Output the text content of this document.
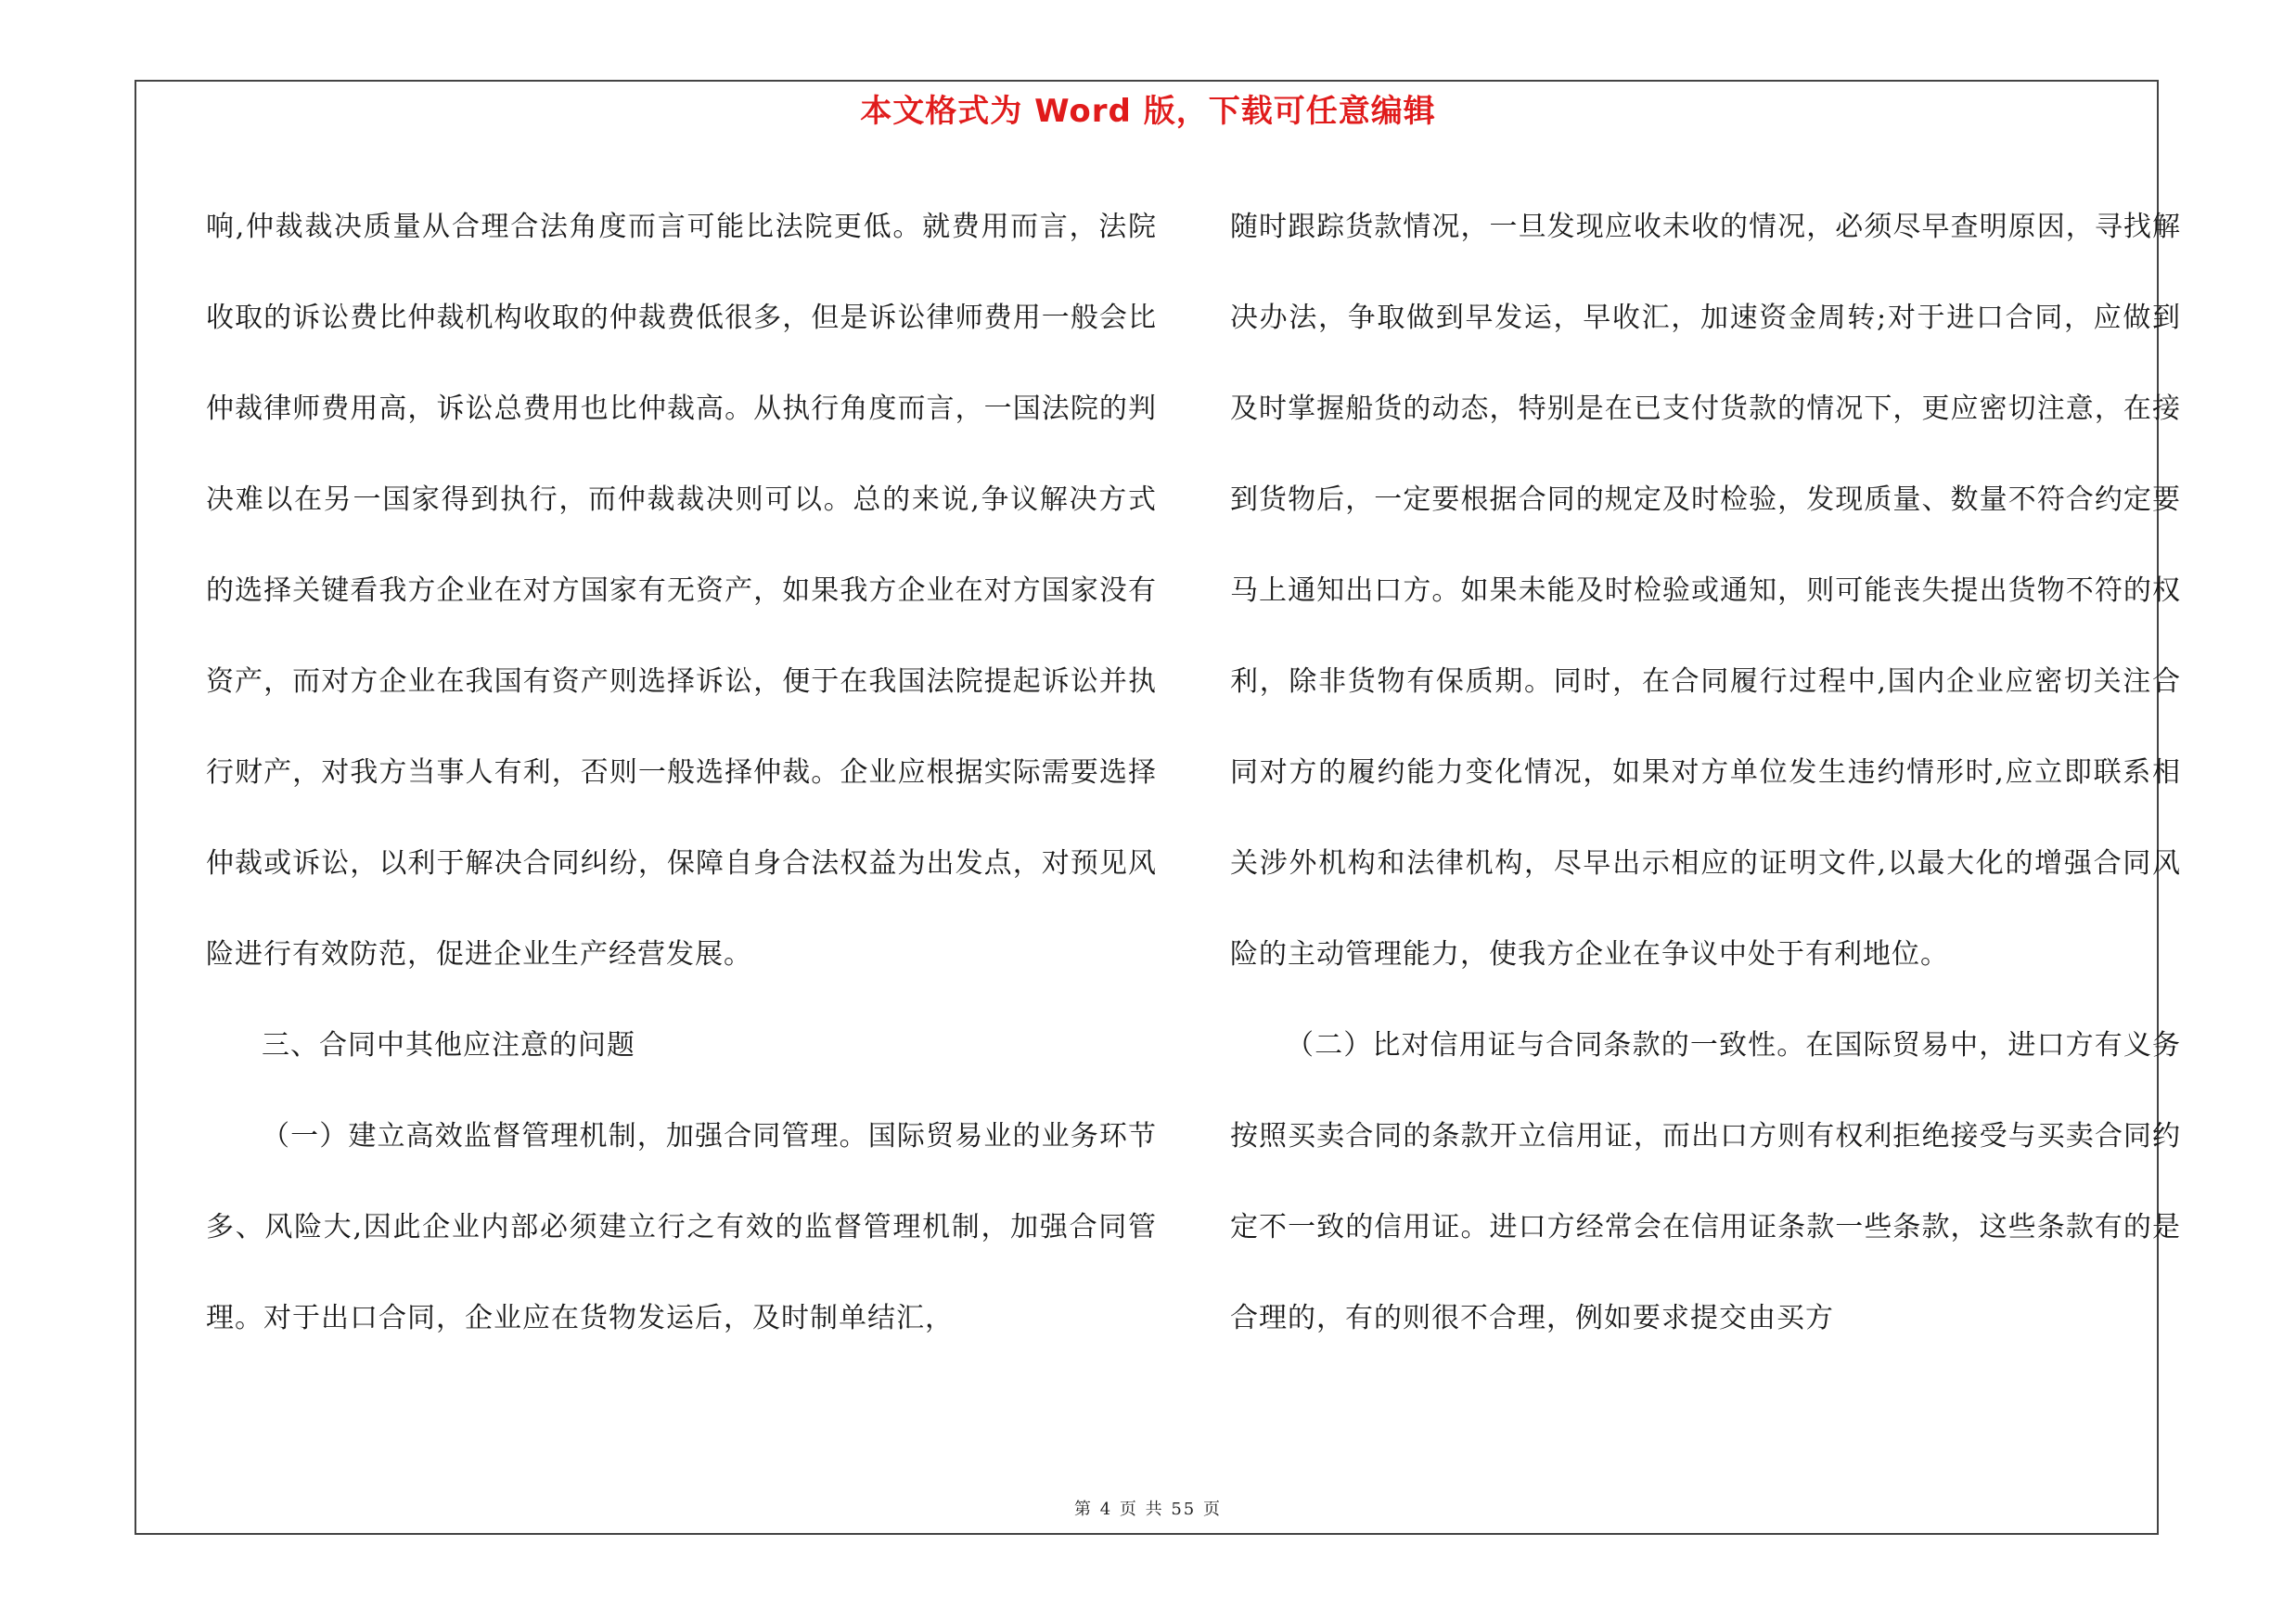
本文格式为 Word 版，下载可任意编辑

响,仲裁裁决质量从合理合法角度而言可能比法院更低。就费用而言，法院收取的诉讼费比仲裁机构收取的仲裁费低很多，但是诉讼律师费用一般会比仲裁律师费用高，诉讼总费用也比仲裁高。从执行角度而言，一国法院的判决难以在另一国家得到执行，而仲裁裁决则可以。总的来说,争议解决方式的选择关键看我方企业在对方国家有无资产，如果我方企业在对方国家没有资产，而对方企业在我国有资产则选择诉讼，便于在我国法院提起诉讼并执行财产，对我方当事人有利，否则一般选择仲裁。企业应根据实际需要选择仲裁或诉讼，以利于解决合同纠纷，保障自身合法权益为出发点，对预见风险进行有效防范，促进企业生产经营发展。

三、合同中其他应注意的问题

（一）建立高效监督管理机制，加强合同管理。国际贸易业的业务环节多、风险大,因此企业内部必须建立行之有效的监督管理机制，加强合同管理。对于出口合同，企业应在货物发运后，及时制单结汇，

随时跟踪货款情况，一旦发现应收未收的情况，必须尽早查明原因，寻找解决办法，争取做到早发运，早收汇，加速资金周转;对于进口合同，应做到及时掌握船货的动态，特别是在已支付货款的情况下，更应密切注意，在接到货物后，一定要根据合同的规定及时检验，发现质量、数量不符合约定要马上通知出口方。如果未能及时检验或通知，则可能丧失提出货物不符的权利，除非货物有保质期。同时，在合同履行过程中,国内企业应密切关注合同对方的履约能力变化情况，如果对方单位发生违约情形时,应立即联系相关涉外机构和法律机构，尽早出示相应的证明文件,以最大化的增强合同风险的主动管理能力，使我方企业在争议中处于有利地位。

（二）比对信用证与合同条款的一致性。在国际贸易中，进口方有义务按照买卖合同的条款开立信用证，而出口方则有权利拒绝接受与买卖合同约定不一致的信用证。进口方经常会在信用证条款一些条款，这些条款有的是合理的，有的则很不合理，例如要求提交由买方

第 4 页 共 55 页
